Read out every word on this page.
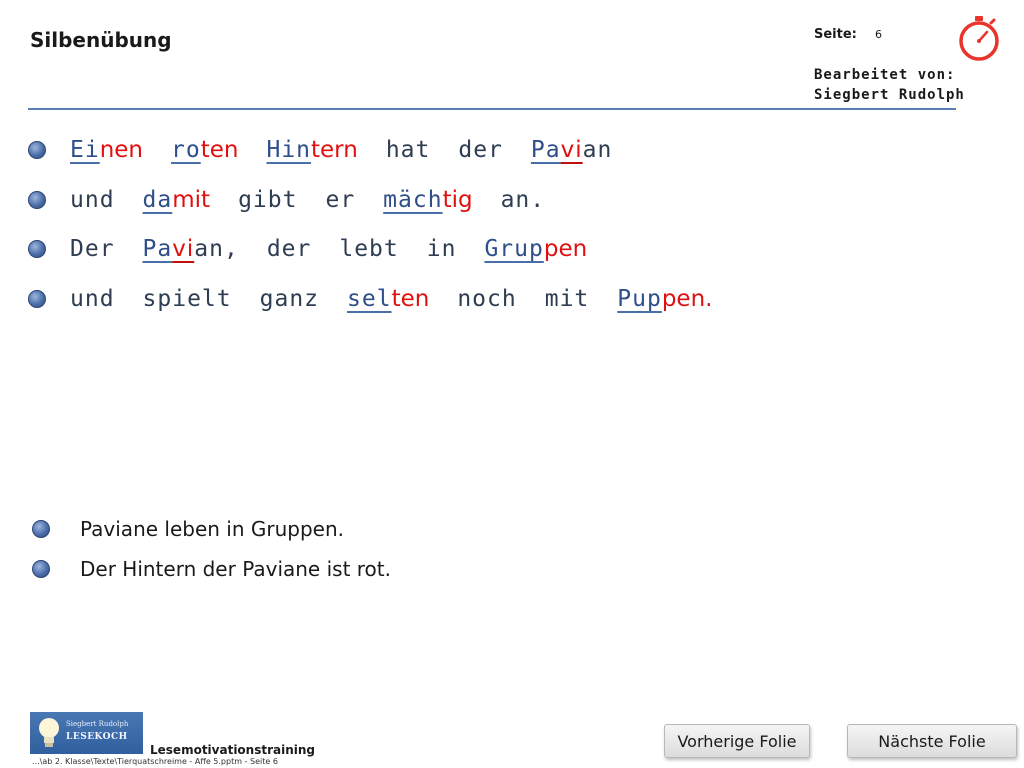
Silbenübung	Seite: 6
Bearbeitet von:
Siegbert Rudolph
Ei nen ro ten Hin tern hat der Pa vi an
und da mit gibt er mäch tig an.
Der Pa vi an, der lebt in Grup pen
und spielt ganz sel ten noch mit Pup pen.
Paviane leben in Gruppen.
Der Hintern der Paviane ist rot.
Siegbert Rudolph
LESEKOCH
Lesemotivationstraining
...\ab 2. Klasse\Texte\Tierquatschreime - Affe 5.pptm - Seite 6
Vorherige Folie	Nächste Folie
